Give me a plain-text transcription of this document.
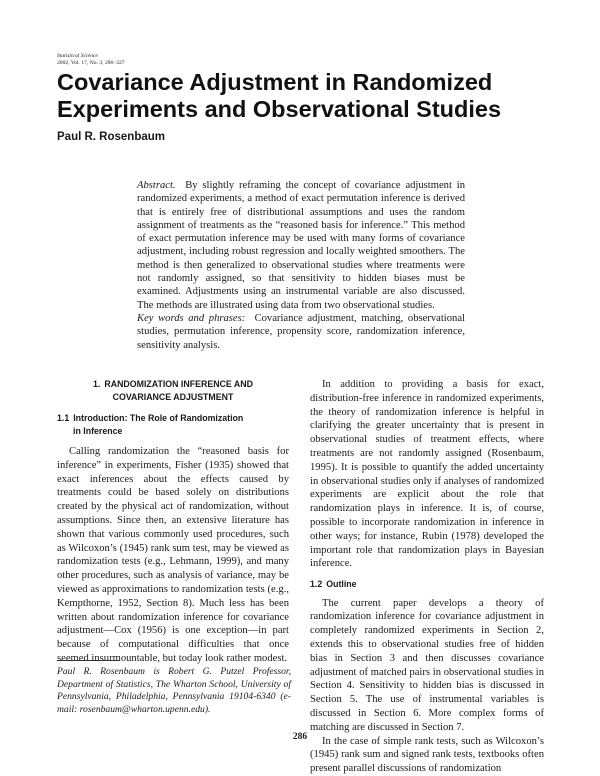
Statistical Science
2002, Vol. 17, No. 3, 286–327
Covariance Adjustment in Randomized Experiments and Observational Studies
Paul R. Rosenbaum

Abstract. By slightly reframing the concept of covariance adjustment in randomized experiments, a method of exact permutation inference is derived that is entirely free of distributional assumptions and uses the random assignment of treatments as the “reasoned basis for inference.” This method of exact permutation inference may be used with many forms of covariance adjustment, including robust regression and locally weighted smoothers. The method is then generalized to observational studies where treatments were not randomly assigned, so that sensitivity to hidden biases must be examined. Adjustments using an instrumental variable are also discussed. The methods are illustrated using data from two observational studies.

Key words and phrases: Covariance adjustment, matching, observational studies, permutation inference, propensity score, randomization inference, sensitivity analysis.

1. RANDOMIZATION INFERENCE AND
COVARIANCE ADJUSTMENT
1.1 Introduction: The Role of Randomization
in Inference

Calling randomization the “reasoned basis for inference” in experiments, Fisher (1935) showed that exact inferences about the effects caused by treatments could be based solely on distributions created by the physical act of randomization, without assumptions. Since then, an extensive literature has shown that various commonly used procedures, such as Wilcoxon’s (1945) rank sum test, may be viewed as randomization tests (e.g., Lehmann, 1999), and many other procedures, such as analysis of variance, may be viewed as approximations to randomization tests (e.g., Kempthorne, 1952, Section 8). Much less has been written about randomization inference for covariance adjustment—Cox (1956) is one exception—in part because of computational difficulties that once seemed insurmountable, but today look rather modest.

Paul R. Rosenbaum is Robert G. Putzel Professor, Department of Statistics, The Wharton School, University of Pennsylvania, Philadelphia, Pennsylvania 19104-6340 (e-mail: rosenbaum@wharton.upenn.edu).

In addition to providing a basis for exact, distribution-free inference in randomized experiments, the theory of randomization inference is helpful in clarifying the greater uncertainty that is present in observational studies of treatment effects, where treatments are not randomly assigned (Rosenbaum, 1995). It is possible to quantify the added uncertainty in observational studies only if analyses of randomized experiments are explicit about the role that randomization plays in inference. It is, of course, possible to incorporate randomization in inference in other ways; for instance, Rubin (1978) developed the important role that randomization plays in Bayesian inference.

1.2 Outline

The current paper develops a theory of randomization inference for covariance adjustment in completely randomized experiments in Section 2, extends this to observational studies free of hidden bias in Section 3 and then discusses covariance adjustment of matched pairs in observational studies in Section 4. Sensitivity to hidden bias is discussed in Section 5. The use of instrumental variables is discussed in Section 6. More complex forms of matching are discussed in Section 7.

In the case of simple rank tests, such as Wilcoxon’s (1945) rank sum and signed rank tests, textbooks often present parallel discussions of randomization

286
